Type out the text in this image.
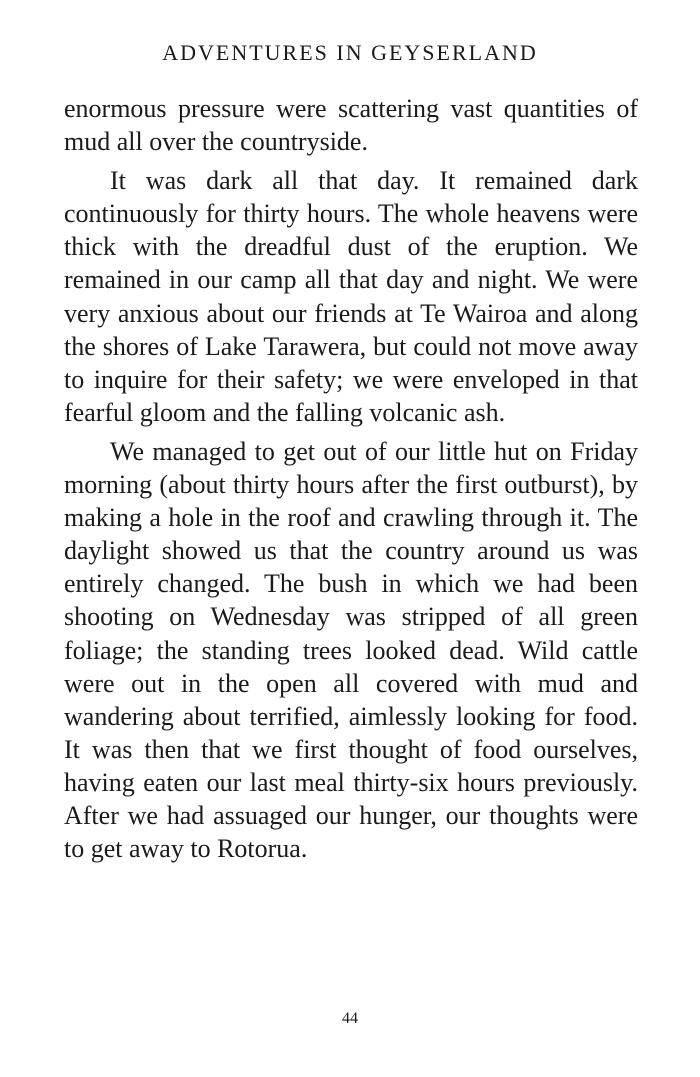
ADVENTURES IN GEYSERLAND

enormous pressure were scattering vast quantities of mud all over the countryside.

It was dark all that day. It remained dark continuously for thirty hours. The whole heavens were thick with the dreadful dust of the eruption. We remained in our camp all that day and night. We were very anxious about our friends at Te Wairoa and along the shores of Lake Tarawera, but could not move away to inquire for their safety; we were enveloped in that fearful gloom and the falling volcanic ash.

We managed to get out of our little hut on Friday morning (about thirty hours after the first outburst), by making a hole in the roof and crawling through it. The daylight showed us that the country around us was entirely changed. The bush in which we had been shooting on Wednesday was stripped of all green foliage; the standing trees looked dead. Wild cattle were out in the open all covered with mud and wandering about terrified, aimlessly looking for food. It was then that we first thought of food ourselves, having eaten our last meal thirty-six hours previously. After we had assuaged our hunger, our thoughts were to get away to Rotorua.

44
